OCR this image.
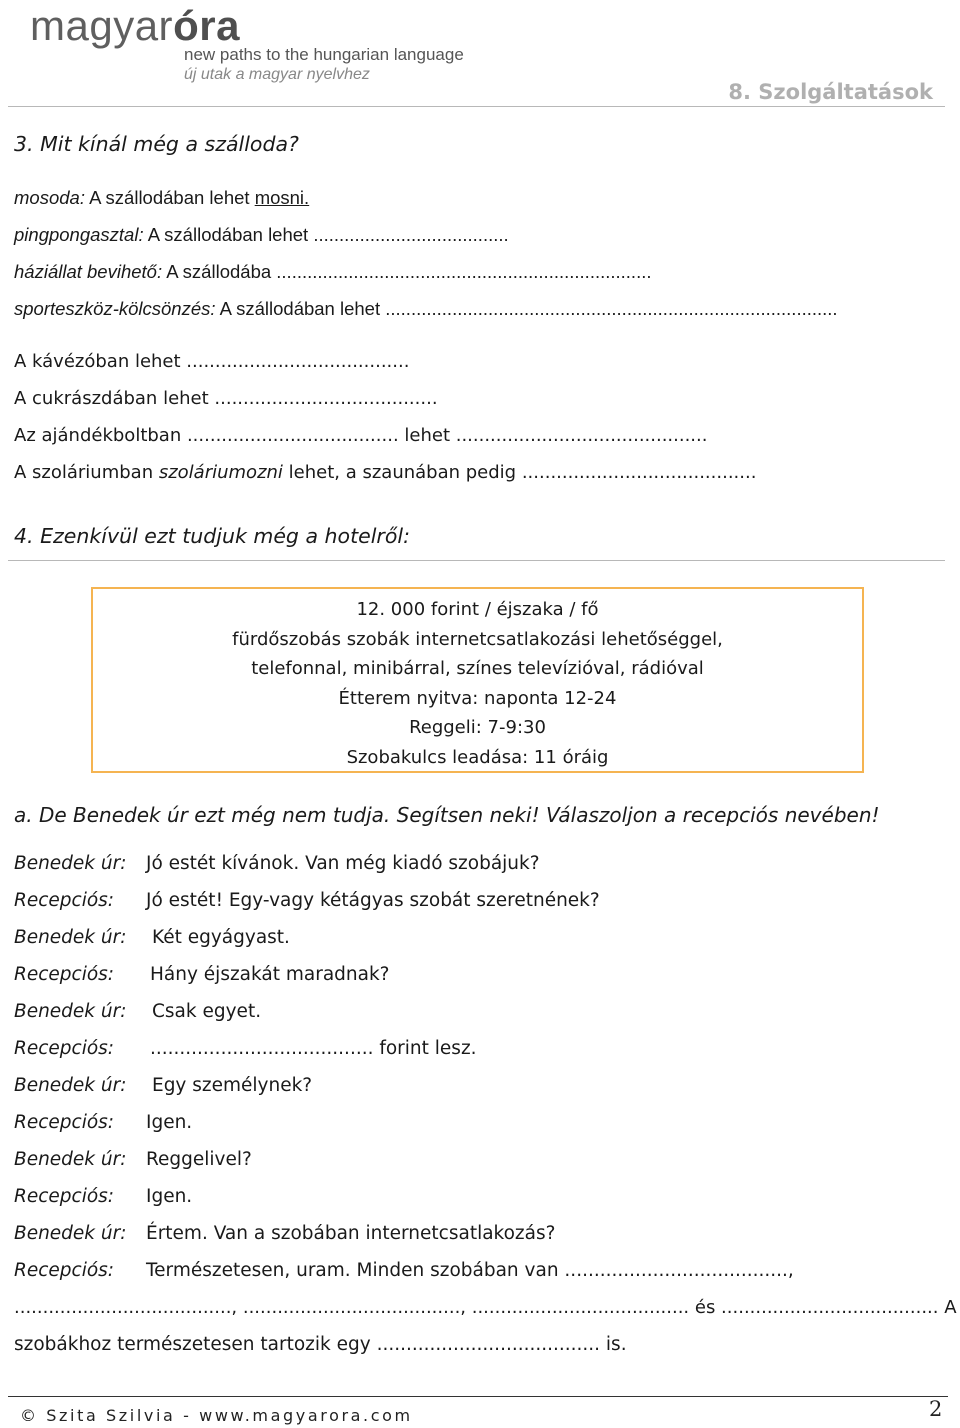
magyaróra
new paths to the hungarian language
új utak a magyar nyelvhez
8. Szolgáltatások
3. Mit kínál még a szálloda?
mosoda: A szállodában lehet mosni.
pingpongasztal: A szállodában lehet ......................................
háziállat bevihető: A szállodába .........................................................................
sporteszköz-kölcsönzés: A szállodában lehet ........................................................................................
A kávézóban lehet .......................................
A cukrászdában lehet .......................................
Az ajándékboltban ..................................... lehet ............................................
A szoláriumban szoláriumozni lehet, a szaunában pedig .........................................
4. Ezenkívül ezt tudjuk még a hotelről:
12. 000 forint / éjszaka / fő
fürdőszobás szobák internetcsatlakozási lehetőséggel,
telefonnal, minibárral, színes televízióval, rádióval
Étterem nyitva: naponta 12-24
Reggeli: 7-9:30
Szobakulcs leadása: 11 óráig
a. De Benedek úr ezt még nem tudja. Segítsen neki! Válaszoljon a recepciós nevében!
Benedek úr: Jó estét kívánok. Van még kiadó szobájuk?
Recepciós: Jó estét! Egy-vagy kétágyas szobát szeretnének?
Benedek úr: Két egyágyast.
Recepciós: Hány éjszakát maradnak?
Benedek úr: Csak egyet.
Recepciós: ...................................... forint lesz.
Benedek úr: Egy személynek?
Recepciós: Igen.
Benedek úr: Reggelivel?
Recepciós: Igen.
Benedek úr: Értem. Van a szobában internetcsatlakozás?
Recepciós: Természetesen, uram. Minden szobában van ......................................,
......................................, ......................................, ...................................... és ...................................... A
szobákhoz természetesen tartozik egy ...................................... is.
© Szita Szilvia - www.magyarora.com	2
